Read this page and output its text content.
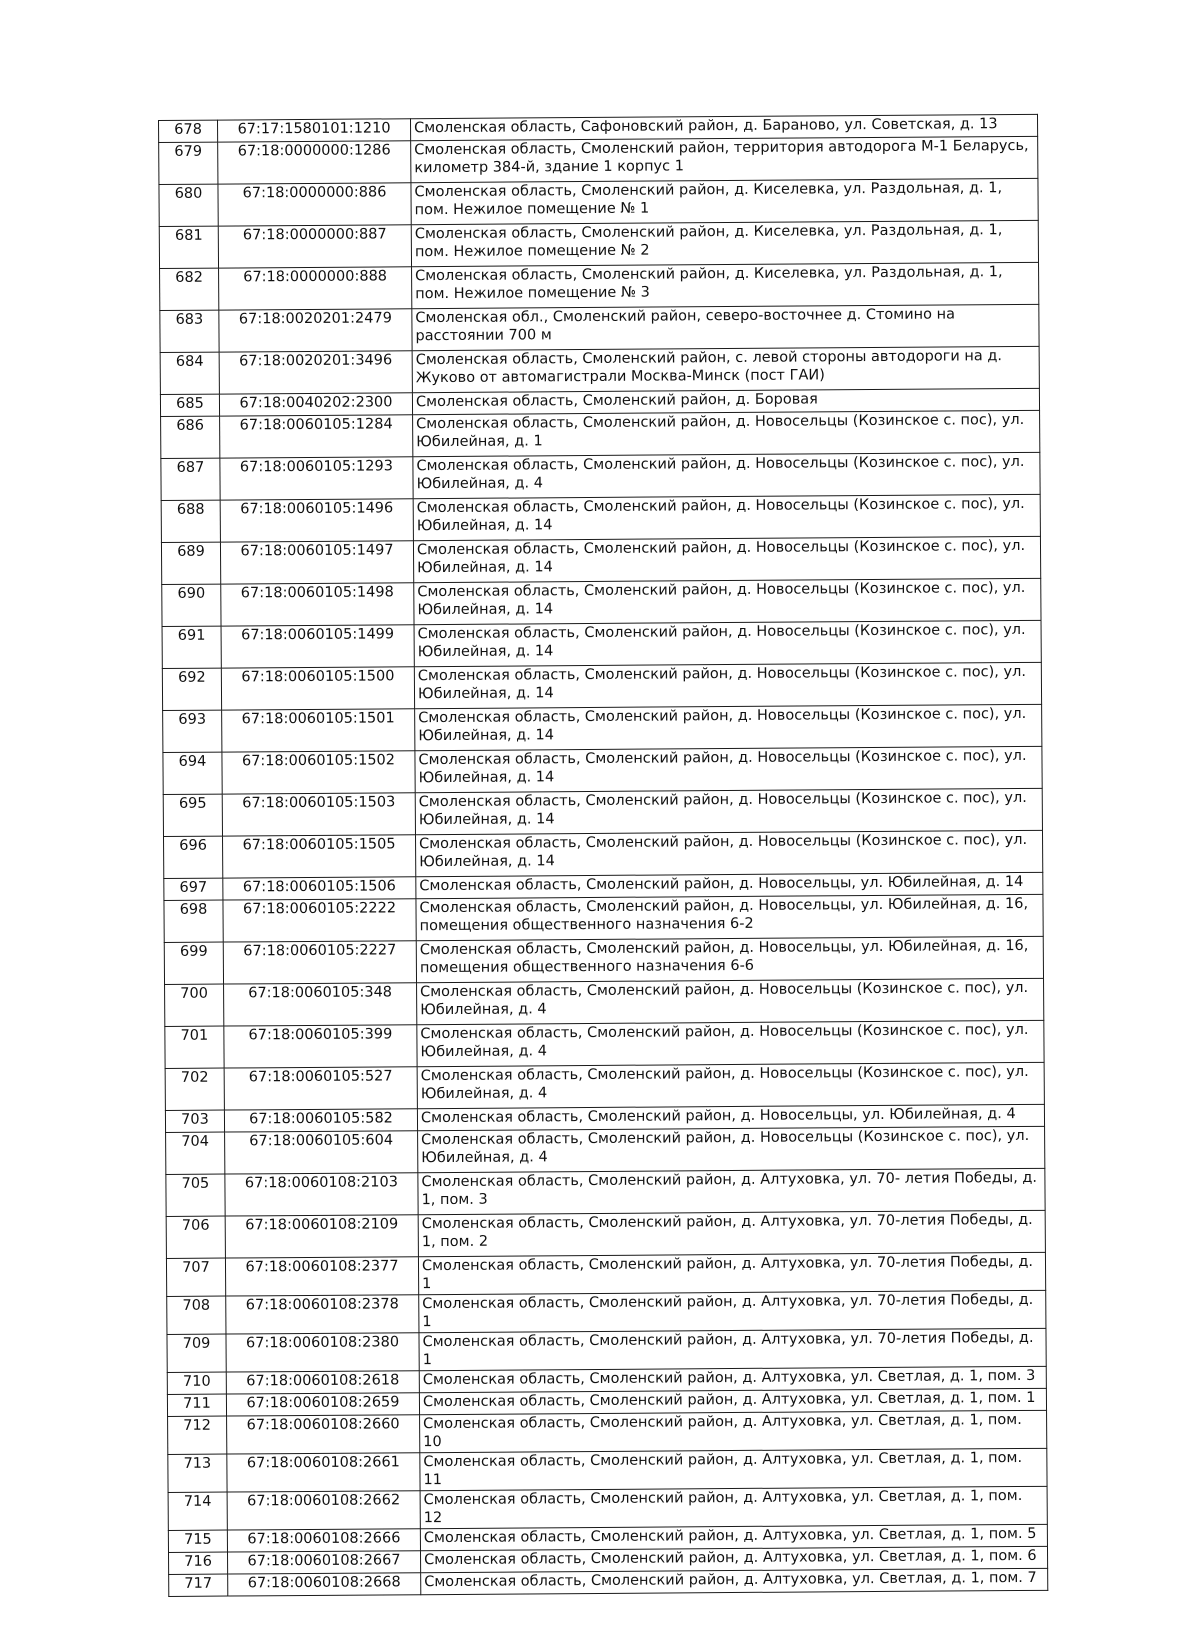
678	67:17:1580101:1210	Смоленская область, Сафоновский район, д. Бараново, ул. Советская, д. 13
679	67:18:0000000:1286	Смоленская область, Смоленский район, территория автодорога М-1 Беларусь, километр 384-й, здание 1 корпус 1
680	67:18:0000000:886	Смоленская область, Смоленский район, д. Киселевка, ул. Раздольная, д. 1, пом. Нежилое помещение № 1
681	67:18:0000000:887	Смоленская область, Смоленский район, д. Киселевка, ул. Раздольная, д. 1, пом. Нежилое помещение № 2
682	67:18:0000000:888	Смоленская область, Смоленский район, д. Киселевка, ул. Раздольная, д. 1, пом. Нежилое помещение № 3
683	67:18:0020201:2479	Смоленская обл., Смоленский район, северо-восточнее д. Стомино на расстоянии 700 м
684	67:18:0020201:3496	Смоленская область, Смоленский район, с. левой стороны автодороги на д. Жуково от автомагистрали Москва-Минск (пост ГАИ)
685	67:18:0040202:2300	Смоленская область, Смоленский район, д. Боровая
686	67:18:0060105:1284	Смоленская область, Смоленский район, д. Новосельцы (Козинское с. пос), ул. Юбилейная, д. 1
687	67:18:0060105:1293	Смоленская область, Смоленский район, д. Новосельцы (Козинское с. пос), ул. Юбилейная, д. 4
688	67:18:0060105:1496	Смоленская область, Смоленский район, д. Новосельцы (Козинское с. пос), ул. Юбилейная, д. 14
689	67:18:0060105:1497	Смоленская область, Смоленский район, д. Новосельцы (Козинское с. пос), ул. Юбилейная, д. 14
690	67:18:0060105:1498	Смоленская область, Смоленский район, д. Новосельцы (Козинское с. пос), ул. Юбилейная, д. 14
691	67:18:0060105:1499	Смоленская область, Смоленский район, д. Новосельцы (Козинское с. пос), ул. Юбилейная, д. 14
692	67:18:0060105:1500	Смоленская область, Смоленский район, д. Новосельцы (Козинское с. пос), ул. Юбилейная, д. 14
693	67:18:0060105:1501	Смоленская область, Смоленский район, д. Новосельцы (Козинское с. пос), ул. Юбилейная, д. 14
694	67:18:0060105:1502	Смоленская область, Смоленский район, д. Новосельцы (Козинское с. пос), ул. Юбилейная, д. 14
695	67:18:0060105:1503	Смоленская область, Смоленский район, д. Новосельцы (Козинское с. пос), ул. Юбилейная, д. 14
696	67:18:0060105:1505	Смоленская область, Смоленский район, д. Новосельцы (Козинское с. пос), ул. Юбилейная, д. 14
697	67:18:0060105:1506	Смоленская область, Смоленский район, д. Новосельцы, ул. Юбилейная, д. 14
698	67:18:0060105:2222	Смоленская область, Смоленский район, д. Новосельцы, ул. Юбилейная, д. 16, помещения общественного назначения 6-2
699	67:18:0060105:2227	Смоленская область, Смоленский район, д. Новосельцы, ул. Юбилейная, д. 16, помещения общественного назначения 6-6
700	67:18:0060105:348	Смоленская область, Смоленский район, д. Новосельцы (Козинское с. пос), ул. Юбилейная, д. 4
701	67:18:0060105:399	Смоленская область, Смоленский район, д. Новосельцы (Козинское с. пос), ул. Юбилейная, д. 4
702	67:18:0060105:527	Смоленская область, Смоленский район, д. Новосельцы (Козинское с. пос), ул. Юбилейная, д. 4
703	67:18:0060105:582	Смоленская область, Смоленский район, д. Новосельцы, ул. Юбилейная, д. 4
704	67:18:0060105:604	Смоленская область, Смоленский район, д. Новосельцы (Козинское с. пос), ул. Юбилейная, д. 4
705	67:18:0060108:2103	Смоленская область, Смоленский район, д. Алтуховка, ул. 70- летия Победы, д. 1, пом. 3
706	67:18:0060108:2109	Смоленская область, Смоленский район, д. Алтуховка, ул. 70-летия Победы, д. 1, пом. 2
707	67:18:0060108:2377	Смоленская область, Смоленский район, д. Алтуховка, ул. 70-летия Победы, д. 1
708	67:18:0060108:2378	Смоленская область, Смоленский район, д. Алтуховка, ул. 70-летия Победы, д. 1
709	67:18:0060108:2380	Смоленская область, Смоленский район, д. Алтуховка, ул. 70-летия Победы, д. 1
710	67:18:0060108:2618	Смоленская область, Смоленский район, д. Алтуховка, ул. Светлая, д. 1, пом. 3
711	67:18:0060108:2659	Смоленская область, Смоленский район, д. Алтуховка, ул. Светлая, д. 1, пом. 1
712	67:18:0060108:2660	Смоленская область, Смоленский район, д. Алтуховка, ул. Светлая, д. 1, пом. 10
713	67:18:0060108:2661	Смоленская область, Смоленский район, д. Алтуховка, ул. Светлая, д. 1, пом. 11
714	67:18:0060108:2662	Смоленская область, Смоленский район, д. Алтуховка, ул. Светлая, д. 1, пом. 12
715	67:18:0060108:2666	Смоленская область, Смоленский район, д. Алтуховка, ул. Светлая, д. 1, пом. 5
716	67:18:0060108:2667	Смоленская область, Смоленский район, д. Алтуховка, ул. Светлая, д. 1, пом. 6
717	67:18:0060108:2668	Смоленская область, Смоленский район, д. Алтуховка, ул. Светлая, д. 1, пом. 7
